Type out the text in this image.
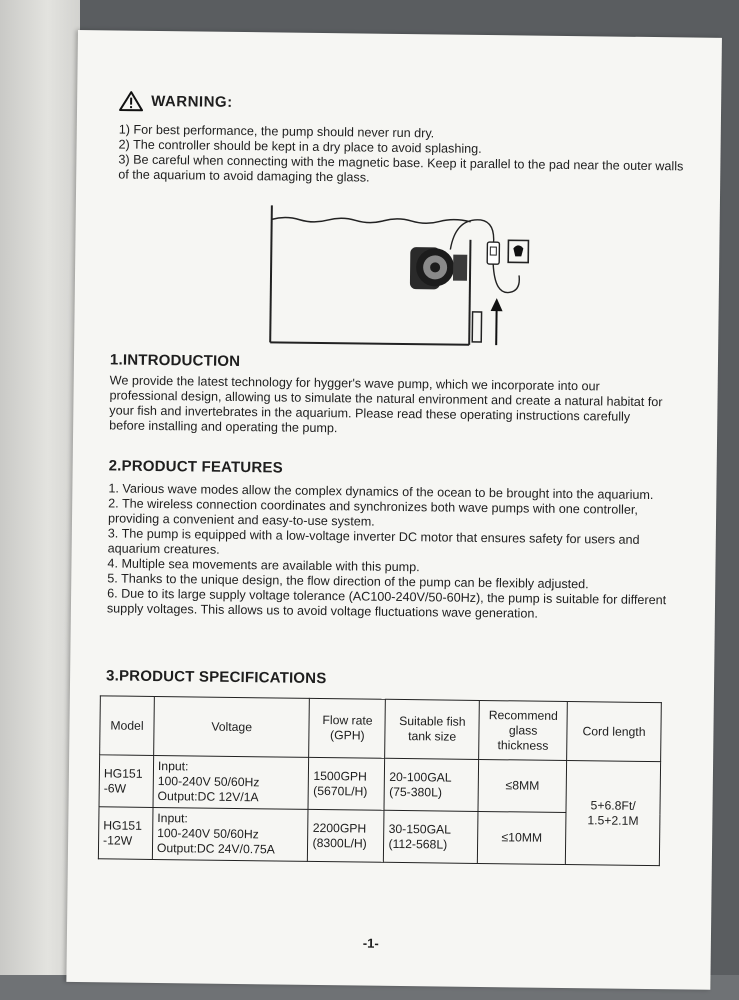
WARNING:
1) For best performance, the pump should never run dry.
2) The controller should be kept in a dry place to avoid splashing.
3) Be careful when connecting with the magnetic base. Keep it parallel to the pad near the outer walls of the aquarium to avoid damaging the glass.
1.INTRODUCTION

We provide the latest technology for hygger's wave pump, which we incorporate into our professional design, allowing us to simulate the natural environment and create a natural habitat for your fish and invertebrates in the aquarium. Please read these operating instructions carefully before installing and operating the pump.

2.PRODUCT FEATURES

1. Various wave modes allow the complex dynamics of the ocean to be brought into the aquarium.

2. The wireless connection coordinates and synchronizes both wave pumps with one controller, providing a convenient and easy-to-use system.

3. The pump is equipped with a low-voltage inverter DC motor that ensures safety for users and aquarium creatures.

4. Multiple sea movements are available with this pump.

5. Thanks to the unique design, the flow direction of the pump can be flexibly adjusted.

6. Due to its large supply voltage tolerance (AC100-240V/50-60Hz), the pump is suitable for different supply voltages. This allows us to avoid voltage fluctuations wave generation.

3.PRODUCT SPECIFICATIONS
Model	Voltage	Flow rate (GPH)	Suitable fish tank size	Recommend glass thickness	Cord length
HG151 -6W	Input:
100-240V 50/60Hz
Output:DC 12V/1A	1500GPH (5670L/H)	20-100GAL (75-380L)	≤8MM	5+6.8Ft/ 1.5+2.1M
HG151 -12W	Input:
100-240V 50/60Hz
Output:DC 24V/0.75A	2200GPH (8300L/H)	30-150GAL (112-568L)	≤10MM	
-1-
